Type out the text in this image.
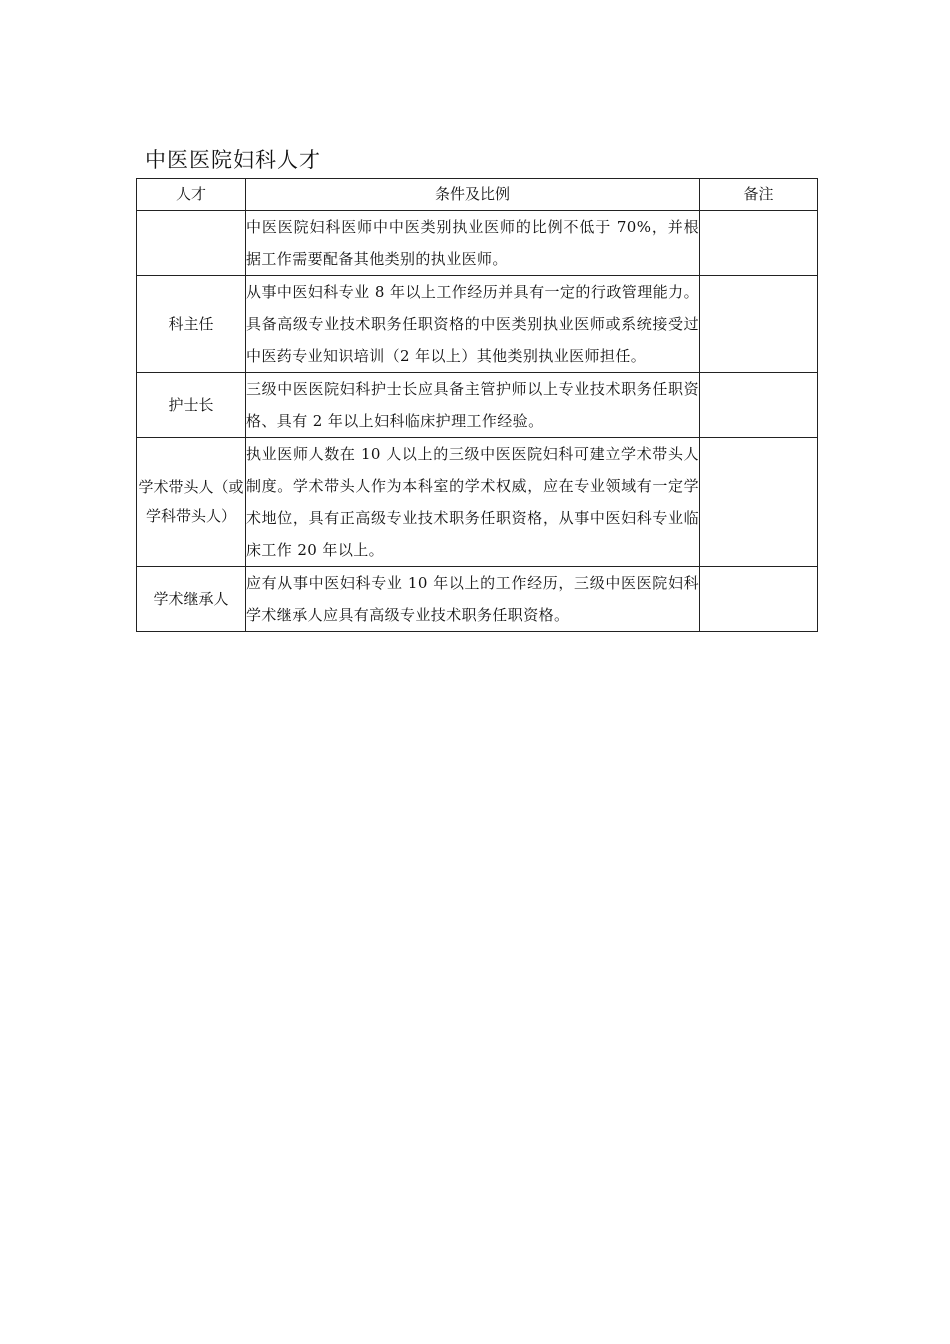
中医医院妇科人才
人才	条件及比例	备注
	中医医院妇科医师中中医类别执业医师的比例不低于 70%，并根据工作需要配备其他类别的执业医师。	
科主任	从事中医妇科专业 8 年以上工作经历并具有一定的行政管理能力。具备高级专业技术职务任职资格的中医类别执业医师或系统接受过中医药专业知识培训（2 年以上）其他类别执业医师担任。	
护士长	三级中医医院妇科护士长应具备主管护师以上专业技术职务任职资格、具有 2 年以上妇科临床护理工作经验。	
学术带头人（或学科带头人）	执业医师人数在 10 人以上的三级中医医院妇科可建立学术带头人制度。学术带头人作为本科室的学术权威，应在专业领域有一定学术地位，具有正高级专业技术职务任职资格，从事中医妇科专业临床工作 20 年以上。	
学术继承人	应有从事中医妇科专业 10 年以上的工作经历，三级中医医院妇科学术继承人应具有高级专业技术职务任职资格。	
